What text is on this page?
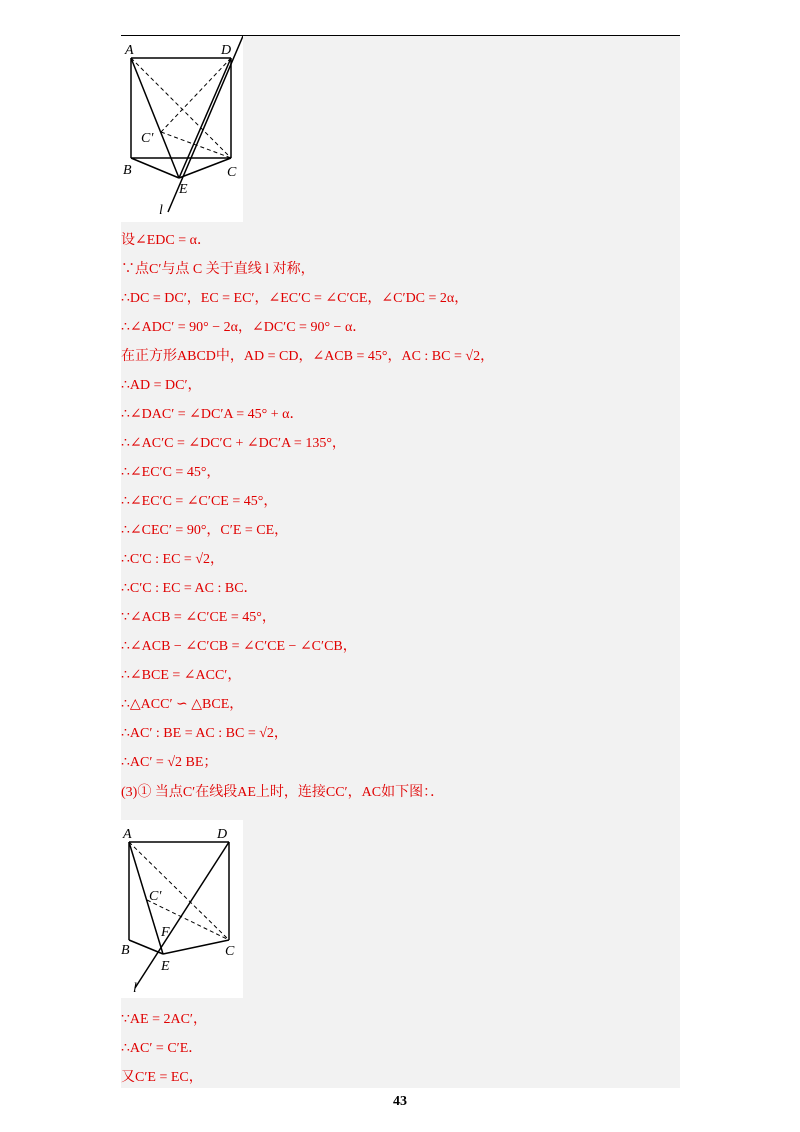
A	D
B	C
C′
E
l
设∠EDC = α．
∵点C′与点 C 关于直线 l 对称，
∴DC = DC′，EC = EC′，∠EC′C = ∠C′CE，∠C′DC = 2α，
∴∠ADC′ = 90° − 2α，∠DC′C = 90° − α．
在正方形ABCD中，AD = CD，∠ACB = 45°，AC : BC = √2，
∴AD = DC′，
∴∠DAC′ = ∠DC′A = 45° + α．
∴∠AC′C = ∠DC′C + ∠DC′A = 135°，
∴∠EC′C = 45°，
∴∠EC′C = ∠C′CE = 45°，
∴∠CEC′ = 90°，C′E = CE，
∴C′C : EC = √2，
∴C′C : EC = AC : BC．
∵∠ACB = ∠C′CE = 45°，
∴∠ACB − ∠C′CB = ∠C′CE − ∠C′CB，
∴∠BCE = ∠ACC′，
∴△ACC′ ∽ △BCE，
∴AC′ : BE = AC : BC = √2，
∴AC′ = √2 BE；
(3)① 当点C′在线段AE上时，连接CC′，AC如下图：．
A	D
B	C
C′
F
E
l
∵AE = 2AC′，
∴AC′ = C′E．
又C′E = EC，
43
